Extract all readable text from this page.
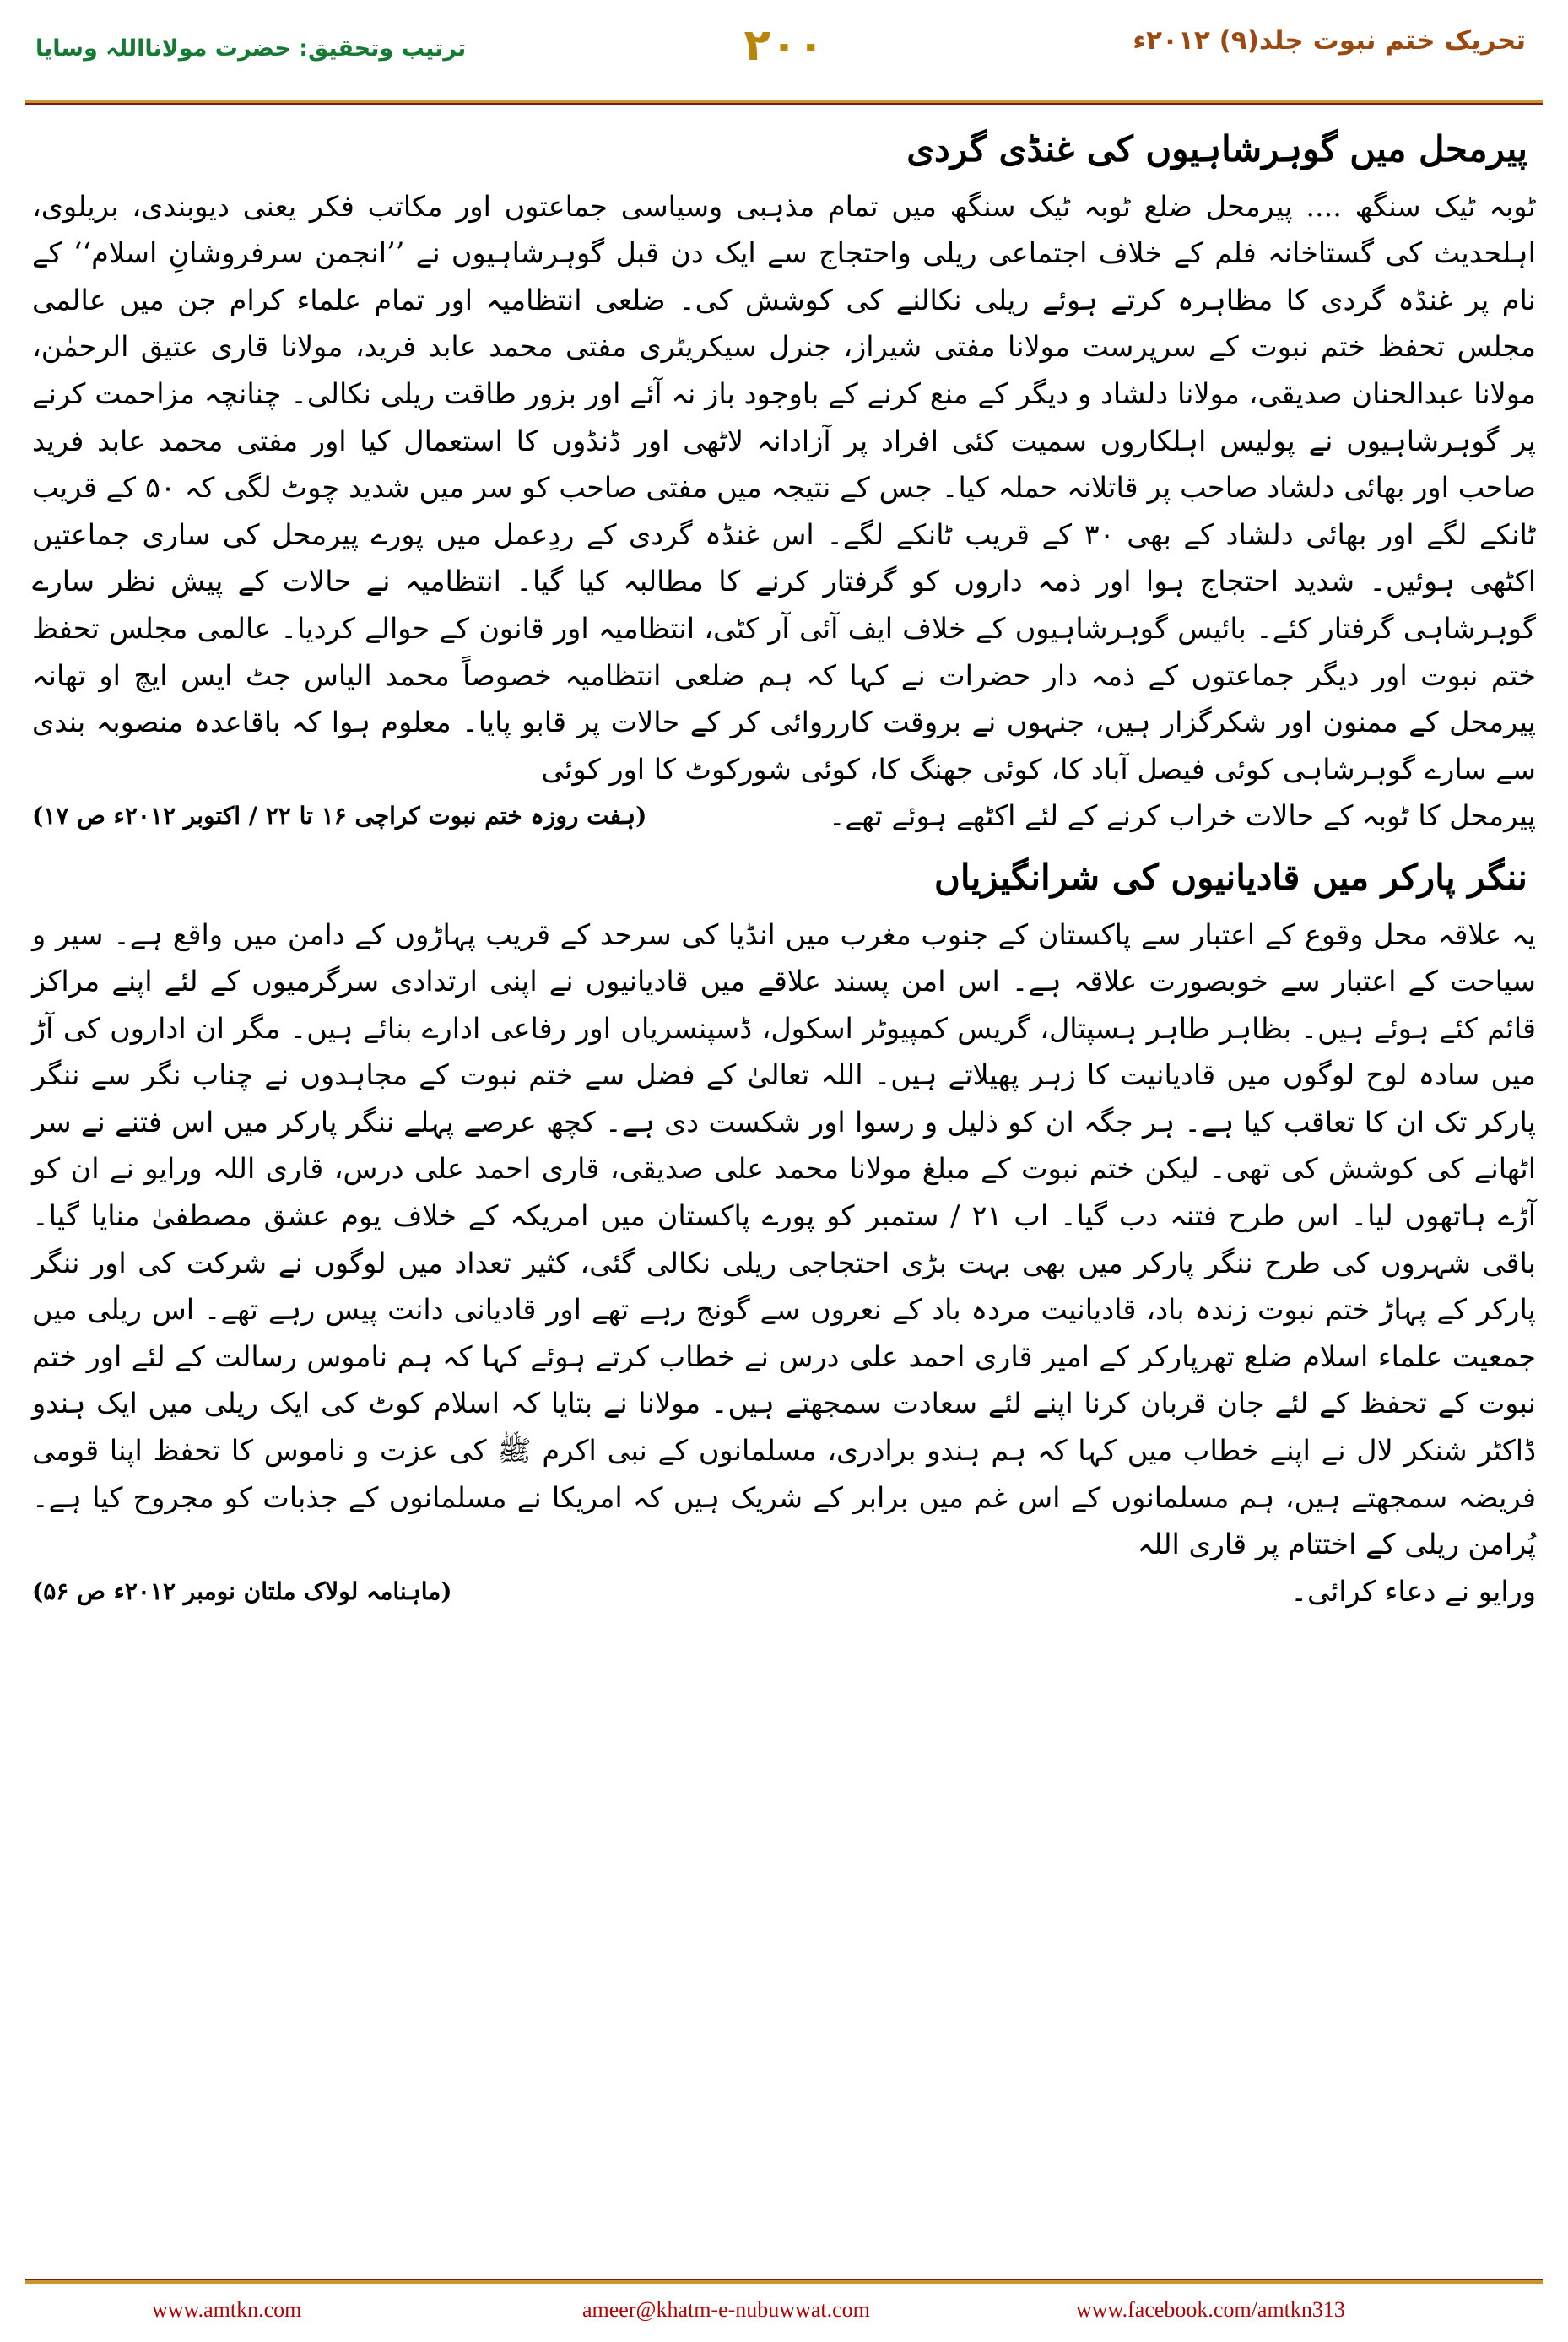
تحریک ختم نبوت جلد(۹) ۲۰۱۲ء
۲۰۰
ترتیب وتحقیق: حضرت مولانااللہ وسایا
پیرمحل میں گوہرشاہیوں کی غنڈی گردی

ٹوبہ ٹیک سنگھ .... پیرمحل ضلع ٹوبہ ٹیک سنگھ میں تمام مذہبی وسیاسی جماعتوں اور مکاتب فکر یعنی دیوبندی، بریلوی، اہلحدیث کی گستاخانہ فلم کے خلاف اجتماعی ریلی واحتجاج سے ایک دن قبل گوہرشاہیوں نے ’’انجمن سرفروشانِ اسلام‘‘ کے نام پر غنڈہ گردی کا مظاہرہ کرتے ہوئے ریلی نکالنے کی کوشش کی۔ ضلعی انتظامیہ اور تمام علماء کرام جن میں عالمی مجلس تحفظ ختم نبوت کے سرپرست مولانا مفتی شیراز، جنرل سیکریٹری مفتی محمد عابد فرید، مولانا قاری عتیق الرحمٰن، مولانا عبدالحنان صدیقی، مولانا دلشاد و دیگر کے منع کرنے کے باوجود باز نہ آئے اور بزور طاقت ریلی نکالی۔ چنانچہ مزاحمت کرنے پر گوہرشاہیوں نے پولیس اہلکاروں سمیت کئی افراد پر آزادانہ لاٹھی اور ڈنڈوں کا استعمال کیا اور مفتی محمد عابد فرید صاحب اور بھائی دلشاد صاحب پر قاتلانہ حملہ کیا۔ جس کے نتیجہ میں مفتی صاحب کو سر میں شدید چوٹ لگی کہ ۵۰ کے قریب ٹانکے لگے اور بھائی دلشاد کے بھی ۳۰ کے قریب ٹانکے لگے۔ اس غنڈہ گردی کے ردِعمل میں پورے پیرمحل کی ساری جماعتیں اکٹھی ہوئیں۔ شدید احتجاج ہوا اور ذمہ داروں کو گرفتار کرنے کا مطالبہ کیا گیا۔ انتظامیہ نے حالات کے پیش نظر سارے گوہرشاہی گرفتار کئے۔ بائیس گوہرشاہیوں کے خلاف ایف آئی آر کٹی، انتظامیہ اور قانون کے حوالے کردیا۔ عالمی مجلس تحفظ ختم نبوت اور دیگر جماعتوں کے ذمہ دار حضرات نے کہا کہ ہم ضلعی انتظامیہ خصوصاً محمد الیاس جٹ ایس ایچ او تھانہ پیرمحل کے ممنون اور شکرگزار ہیں، جنہوں نے بروقت کارروائی کر کے حالات پر قابو پایا۔ معلوم ہوا کہ باقاعدہ منصوبہ بندی سے سارے گوہرشاہی کوئی فیصل آباد کا، کوئی جھنگ کا، کوئی شورکوٹ کا اور کوئی

پیرمحل کا ٹوبہ کے حالات خراب کرنے کے لئے اکٹھے ہوئے تھے۔
(ہفت روزہ ختم نبوت کراچی ۱۶ تا ۲۲ / اکتوبر ۲۰۱۲ء ص ۱۷)
ننگر پارکر میں قادیانیوں کی شرانگیزیاں

یہ علاقہ محل وقوع کے اعتبار سے پاکستان کے جنوب مغرب میں انڈیا کی سرحد کے قریب پہاڑوں کے دامن میں واقع ہے۔ سیر و سیاحت کے اعتبار سے خوبصورت علاقہ ہے۔ اس امن پسند علاقے میں قادیانیوں نے اپنی ارتدادی سرگرمیوں کے لئے اپنے مراکز قائم کئے ہوئے ہیں۔ بظاہر طاہر ہسپتال، گریس کمپیوٹر اسکول، ڈسپنسریاں اور رفاعی ادارے بنائے ہیں۔ مگر ان اداروں کی آڑ میں سادہ لوح لوگوں میں قادیانیت کا زہر پھیلاتے ہیں۔ اللہ تعالیٰ کے فضل سے ختم نبوت کے مجاہدوں نے چناب نگر سے ننگر پارکر تک ان کا تعاقب کیا ہے۔ ہر جگہ ان کو ذلیل و رسوا اور شکست دی ہے۔ کچھ عرصے پہلے ننگر پارکر میں اس فتنے نے سر اٹھانے کی کوشش کی تھی۔ لیکن ختم نبوت کے مبلغ مولانا محمد علی صدیقی، قاری احمد علی درس، قاری اللہ ورایو نے ان کو آڑے ہاتھوں لیا۔ اس طرح فتنہ دب گیا۔ اب ۲۱ / ستمبر کو پورے پاکستان میں امریکہ کے خلاف یوم عشق مصطفیٰ منایا گیا۔ باقی شہروں کی طرح ننگر پارکر میں بھی بہت بڑی احتجاجی ریلی نکالی گئی، کثیر تعداد میں لوگوں نے شرکت کی اور ننگر پارکر کے پہاڑ ختم نبوت زندہ باد، قادیانیت مردہ باد کے نعروں سے گونج رہے تھے اور قادیانی دانت پیس رہے تھے۔ اس ریلی میں جمعیت علماء اسلام ضلع تھرپارکر کے امیر قاری احمد علی درس نے خطاب کرتے ہوئے کہا کہ ہم ناموس رسالت کے لئے اور ختم نبوت کے تحفظ کے لئے جان قربان کرنا اپنے لئے سعادت سمجھتے ہیں۔ مولانا نے بتایا کہ اسلام کوٹ کی ایک ریلی میں ایک ہندو ڈاکٹر شنکر لال نے اپنے خطاب میں کہا کہ ہم ہندو برادری، مسلمانوں کے نبی اکرم ﷺ کی عزت و ناموس کا تحفظ اپنا قومی فریضہ سمجھتے ہیں، ہم مسلمانوں کے اس غم میں برابر کے شریک ہیں کہ امریکا نے مسلمانوں کے جذبات کو مجروح کیا ہے۔ پُرامن ریلی کے اختتام پر قاری اللہ

ورایو نے دعاء کرائی۔
(ماہنامہ لولاک ملتان نومبر ۲۰۱۲ء ص ۵۶)
www.amtkn.com	ameer@khatm-e-nubuwwat.com	www.facebook.com/amtkn313
